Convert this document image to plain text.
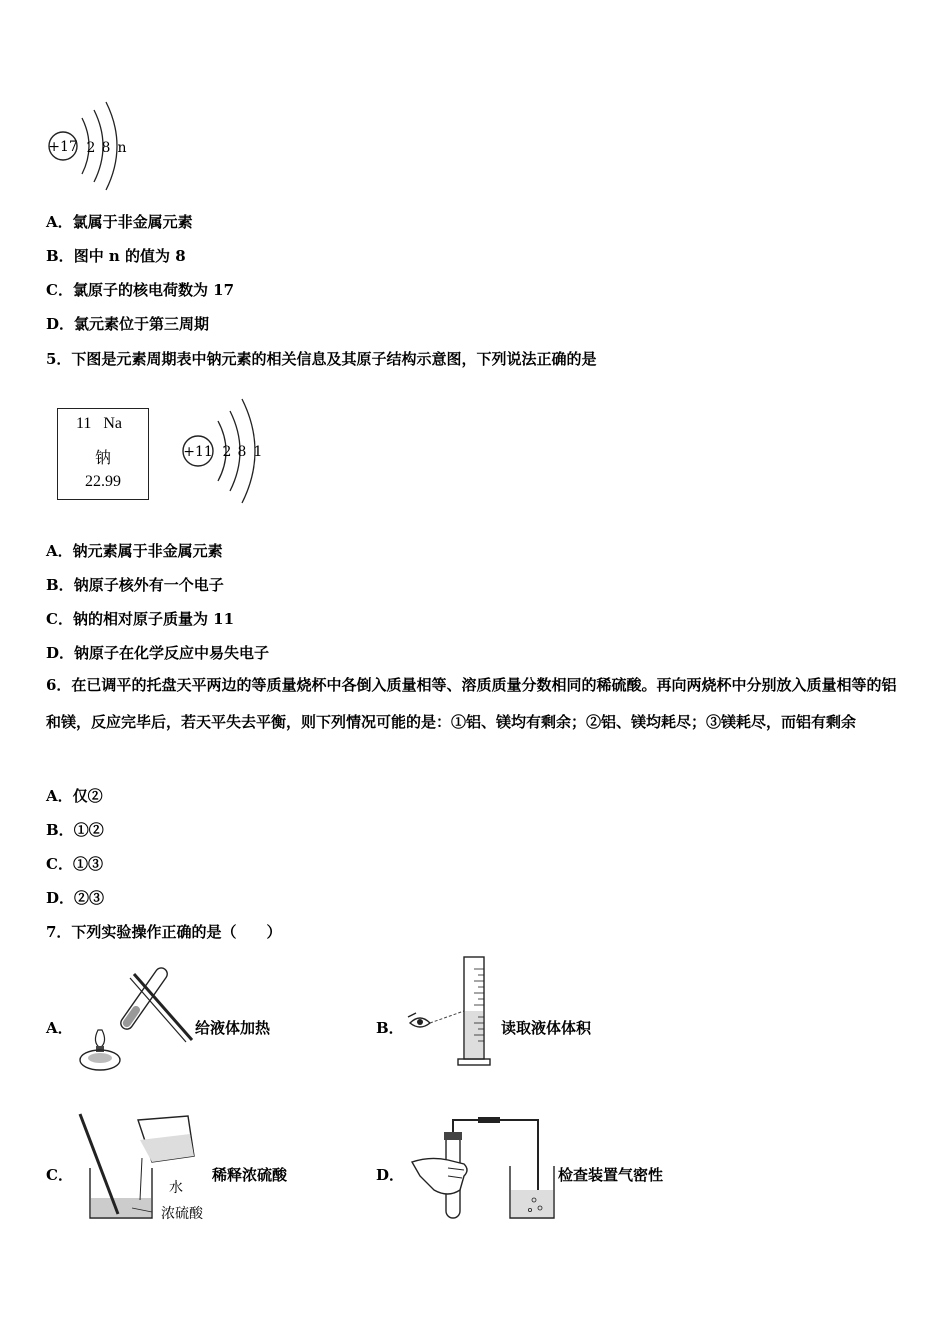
+17 2 8 n
A．氯属于非金属元素
B．图中 n 的值为 8
C．氯原子的核电荷数为 17
D．氯元素位于第三周期
5．下图是元素周期表中钠元素的相关信息及其原子结构示意图，下列说法正确的是
11 Na
钠
22.99
+11 2 8 1
A．钠元素属于非金属元素
B．钠原子核外有一个电子
C．钠的相对原子质量为 11
D．钠原子在化学反应中易失电子
6．在已调平的托盘天平两边的等质量烧杯中各倒入质量相等、溶质质量分数相同的稀硫酸。再向两烧杯中分别放入质量相等的铝和镁，反应完毕后，若天平失去平衡，则下列情况可能的是：①铝、镁均有剩余；②铝、镁均耗尽；③镁耗尽，而铝有剩余
A．仅②
B．①②
C．①③
D．②③
7．下列实验操作正确的是（　　）
A．	给液体加热	B．	读取液体体积
C．
水
浓硫酸
稀释浓硫酸	D．	检查装置气密性
